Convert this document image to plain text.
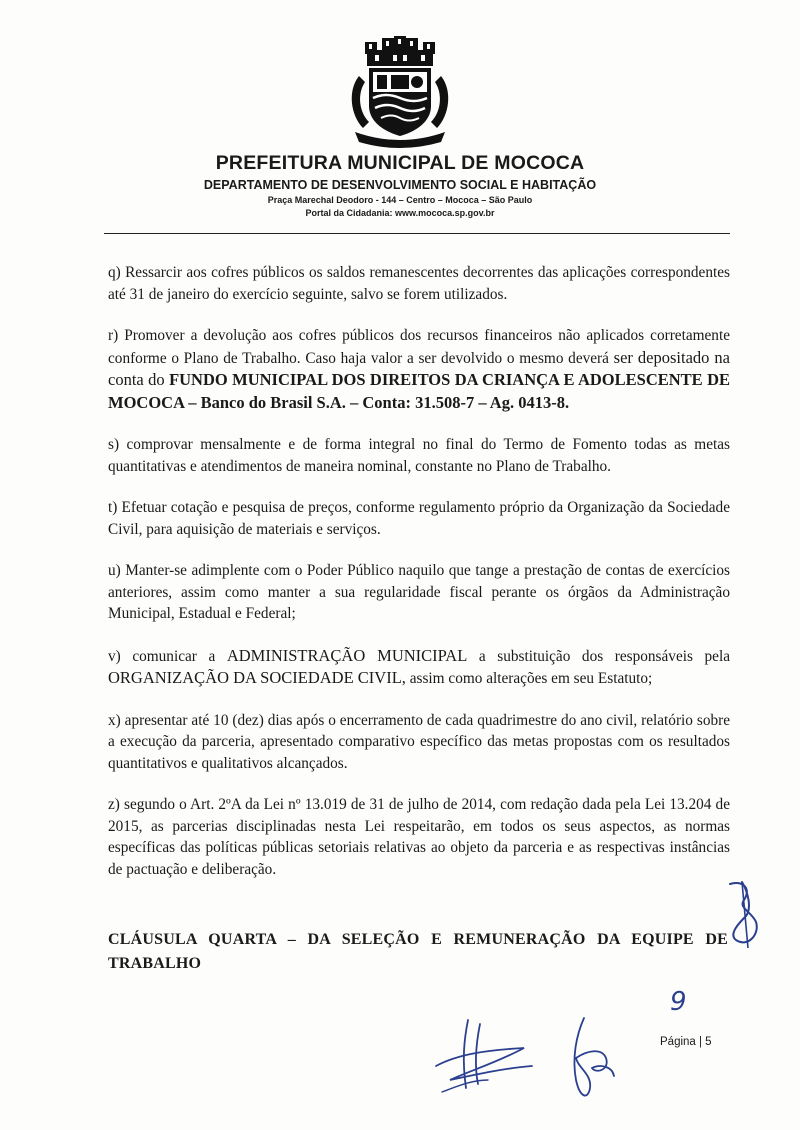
PREFEITURA MUNICIPAL DE MOCOCA
DEPARTAMENTO DE DESENVOLVIMENTO SOCIAL E HABITAÇÃO
Praça Marechal Deodoro - 144 – Centro – Mococa – São Paulo
Portal da Cidadania: www.mococa.sp.gov.br

q) Ressarcir aos cofres públicos os saldos remanescentes decorrentes das aplicações correspondentes até 31 de janeiro do exercício seguinte, salvo se forem utilizados.

r) Promover a devolução aos cofres públicos dos recursos financeiros não aplicados corretamente conforme o Plano de Trabalho. Caso haja valor a ser devolvido o mesmo deverá ser depositado na conta do FUNDO MUNICIPAL DOS DIREITOS DA CRIANÇA E ADOLESCENTE DE MOCOCA – Banco do Brasil S.A. – Conta: 31.508-7 – Ag. 0413-8.

s) comprovar mensalmente e de forma integral no final do Termo de Fomento todas as metas quantitativas e atendimentos de maneira nominal, constante no Plano de Trabalho.

t) Efetuar cotação e pesquisa de preços, conforme regulamento próprio da Organização da Sociedade Civil, para aquisição de materiais e serviços.

u) Manter-se adimplente com o Poder Público naquilo que tange a prestação de contas de exercícios anteriores, assim como manter a sua regularidade fiscal perante os órgãos da Administração Municipal, Estadual e Federal;

v) comunicar a ADMINISTRAÇÃO MUNICIPAL a substituição dos responsáveis pela ORGANIZAÇÃO DA SOCIEDADE CIVIL, assim como alterações em seu Estatuto;

x) apresentar até 10 (dez) dias após o encerramento de cada quadrimestre do ano civil, relatório sobre a execução da parceria, apresentado comparativo específico das metas propostas com os resultados quantitativos e qualitativos alcançados.

z) segundo o Art. 2ºA da Lei nº 13.019 de 31 de julho de 2014, com redação dada pela Lei 13.204 de 2015, as parcerias disciplinadas nesta Lei respeitarão, em todos os seus aspectos, as normas específicas das políticas públicas setoriais relativas ao objeto da parceria e as respectivas instâncias de pactuação e deliberação.

CLÁUSULA QUARTA – DA SELEÇÃO E REMUNERAÇÃO DA EQUIPE DE TRABALHO
9
Página | 5
